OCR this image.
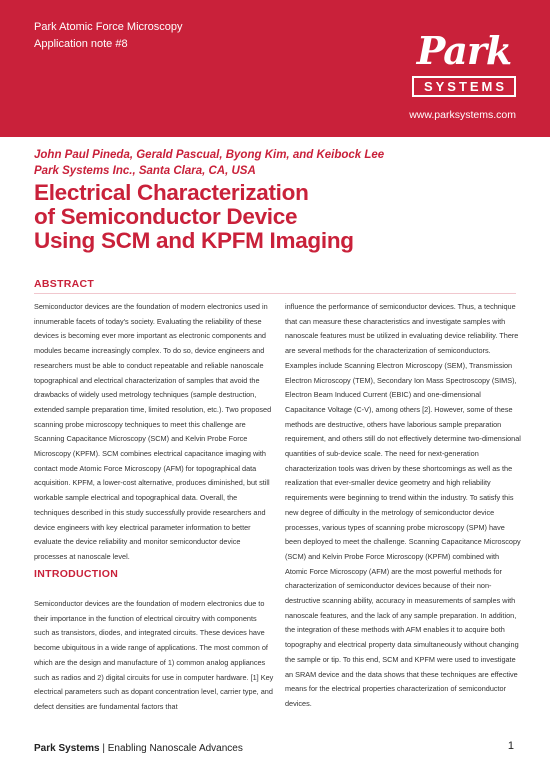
Park Atomic Force Microscopy
Application note #8	Park
SYSTEMS
www.parksystems.com
John Paul Pineda, Gerald Pascual, Byong Kim, and Keibock Lee
Park Systems Inc., Santa Clara, CA, USA
Electrical Characterization
of Semiconductor Device
Using SCM and KPFM Imaging
ABSTRACT

Semiconductor devices are the foundation of modern electronics used in innumerable facets of today's society. Evaluating the reliability of these devices is becoming ever more important as electronic components and modules became increasingly complex. To do so, device engineers and researchers must be able to conduct repeatable and reliable nanoscale topographical and electrical characterization of samples that avoid the drawbacks of widely used metrology techniques (sample destruction, extended sample preparation time, limited resolution, etc.). Two proposed scanning probe microscopy techniques to meet this challenge are Scanning Capacitance Microscopy (SCM) and Kelvin Probe Force Microscopy (KPFM). SCM combines electrical capacitance imaging with contact mode Atomic Force Microscopy (AFM) for topographical data acquisition. KPFM, a lower-cost alternative, produces diminished, but still workable sample electrical and topographical data. Overall, the techniques described in this study successfully provide researchers and device engineers with key electrical parameter information to better evaluate the device reliability and monitor semiconductor device processes at nanoscale level.

INTRODUCTION

Semiconductor devices are the foundation of modern electronics due to their importance in the function of electrical circuitry with components such as transistors, diodes, and integrated circuits. These devices have become ubiquitous in a wide range of applications. The most common of which are the design and manufacture of 1) common analog appliances such as radios and 2) digital circuits for use in computer hardware. [1] Key electrical parameters such as dopant concentration level, carrier type, and defect densities are fundamental factors that

influence the performance of semiconductor devices. Thus, a technique that can measure these characteristics and investigate samples with nanoscale features must be utilized in evaluating device reliability. There are several methods for the characterization of semiconductors. Examples include Scanning Electron Microscopy (SEM), Transmission Electron Microscopy (TEM), Secondary Ion Mass Spectroscopy (SIMS), Electron Beam Induced Current (EBIC) and one-dimensional Capacitance Voltage (C-V), among others [2]. However, some of these methods are destructive, others have laborious sample preparation requirement, and others still do not effectively determine two-dimensional quantities of sub-device scale. The need for next-generation characterization tools was driven by these shortcomings as well as the realization that ever-smaller device geometry and high reliability requirements were beginning to trend within the industry. To satisfy this new degree of difficulty in the metrology of semiconductor device processes, various types of scanning probe microscopy (SPM) have been deployed to meet the challenge. Scanning Capacitance Microscopy (SCM) and Kelvin Probe Force Microscopy (KPFM) combined with Atomic Force Microscopy (AFM) are the most powerful methods for characterization of semiconductor devices because of their non-destructive scanning ability, accuracy in measurements of samples with nanoscale features, and the lack of any sample preparation. In addition, the integration of these methods with AFM enables it to acquire both topography and electrical property data simultaneously without changing the sample or tip. To this end, SCM and KPFM were used to investigate an SRAM device and the data shows that these techniques are effective means for the electrical properties characterization of semiconductor devices.

Park Systems | Enabling Nanoscale Advances	1
